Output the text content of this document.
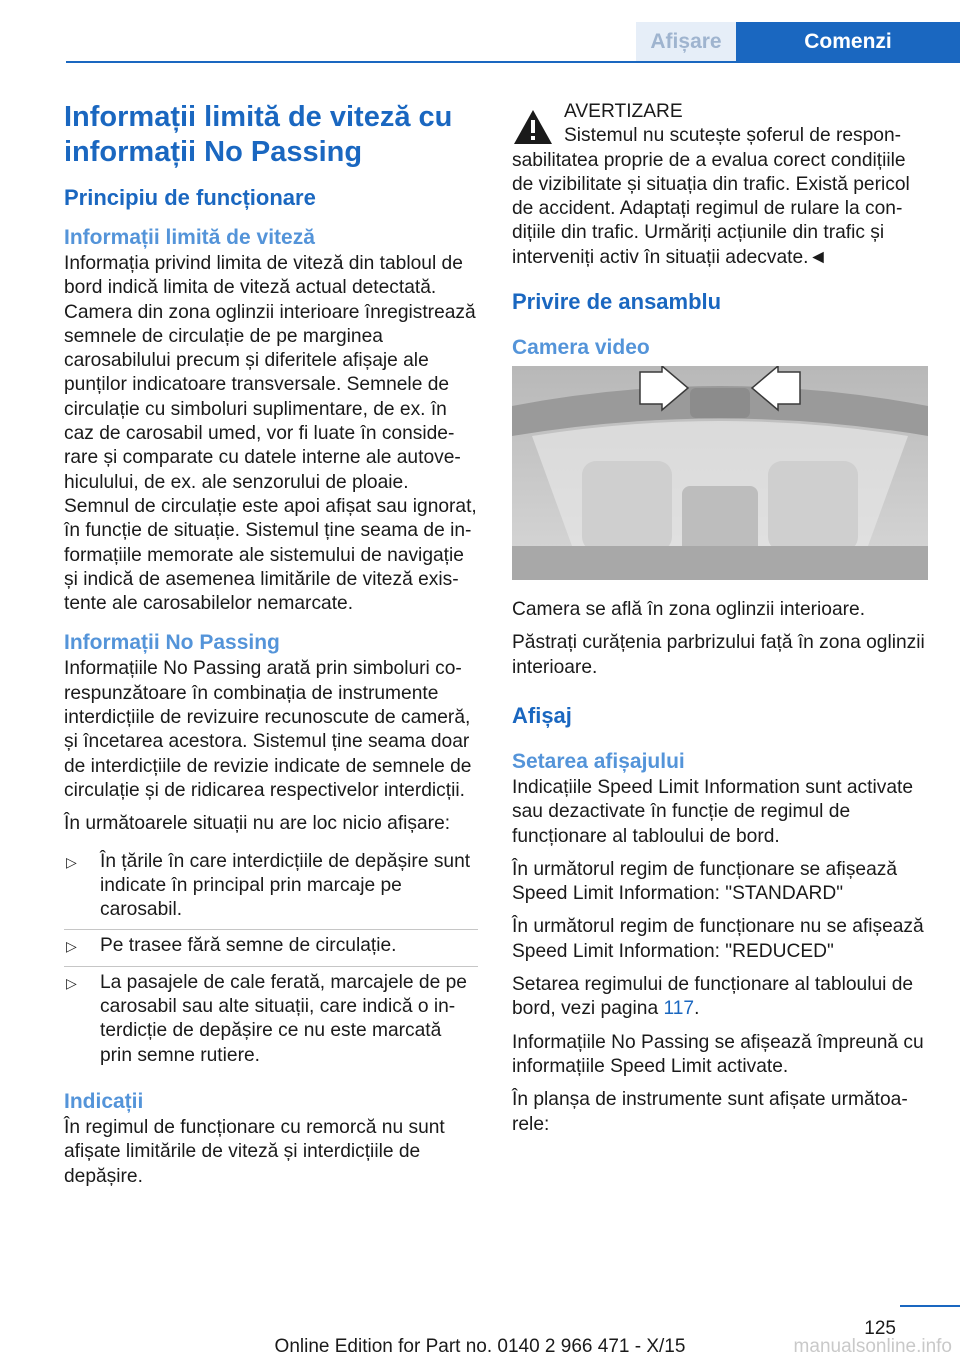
Afișare	Comenzi
Informații limită de viteză cu informații No Passing
Principiu de funcționare
Informații limită de viteză

Informația privind limita de viteză din tabloul de bord indică limita de viteză actual detectată. Camera din zona oglinzii interioare înregistrează semnele de circulație de pe marginea carosabilului precum și diferitele afișaje ale punților indicatoare transversale. Semnele de circulație cu simboluri suplimentare, de ex. în caz de carosabil umed, vor fi luate în considerare și comparate cu datele interne ale autovehiculului, de ex. ale senzorului de ploaie. Semnul de circulație este apoi afișat sau ignorat, în funcție de situație. Sistemul ține seama de informațiile memorate ale sistemului de navigație și indică de asemenea limitările de viteză existente ale carosabilelor nemarcate.

Informații No Passing

Informațiile No Passing arată prin simboluri corespunzătoare în combinația de instrumente interdicțiile de revizuire recunoscute de cameră, și încetarea acestora. Sistemul ține seama doar de interdicțiile de revizie indicate de semnele de circulație și de ridicarea respectivelor interdicții.

În următoarele situații nu are loc nicio afișare:

▷ În țările în care interdicțiile de depășire sunt indicate în principal prin marcaje pe carosabil.
▷ Pe trasee fără semne de circulație.
▷ La pasajele de cale ferată, marcajele de pe carosabil sau alte situații, care indică o interdicție de depășire ce nu este marcată prin semne rutiere.
Indicații

În regimul de funcționare cu remorcă nu sunt afișate limitările de viteză și interdicțiile de depășire.

AVERTIZARE
Sistemul nu scutește șoferul de responsabilitatea proprie de a evalua corect condițiile de vizibilitate și situația din trafic. Există pericol de accident. Adaptați regimul de rulare la condițiile din trafic. Urmăriți acțiunile din trafic și interveniți activ în situații adecvate.◄
Privire de ansamblu
Camera video

Camera se află în zona oglinzii interioare.

Păstrați curățenia parbrizului față în zona oglinzii interioare.

Afișaj
Setarea afișajului

Indicațiile Speed Limit Information sunt activate sau dezactivate în funcție de regimul de funcționare al tabloului de bord.

În următorul regim de funcționare se afișează Speed Limit Information: "STANDARD"

În următorul regim de funcționare nu se afișează Speed Limit Information: "REDUCED"

Setarea regimului de funcționare al tabloului de bord, vezi pagina 117.

Informațiile No Passing se afișează împreună cu informațiile Speed Limit activate.

În planșa de instrumente sunt afișate următoarele:

125
Online Edition for Part no. 0140 2 966 471 - X/15	manualsonline.info
